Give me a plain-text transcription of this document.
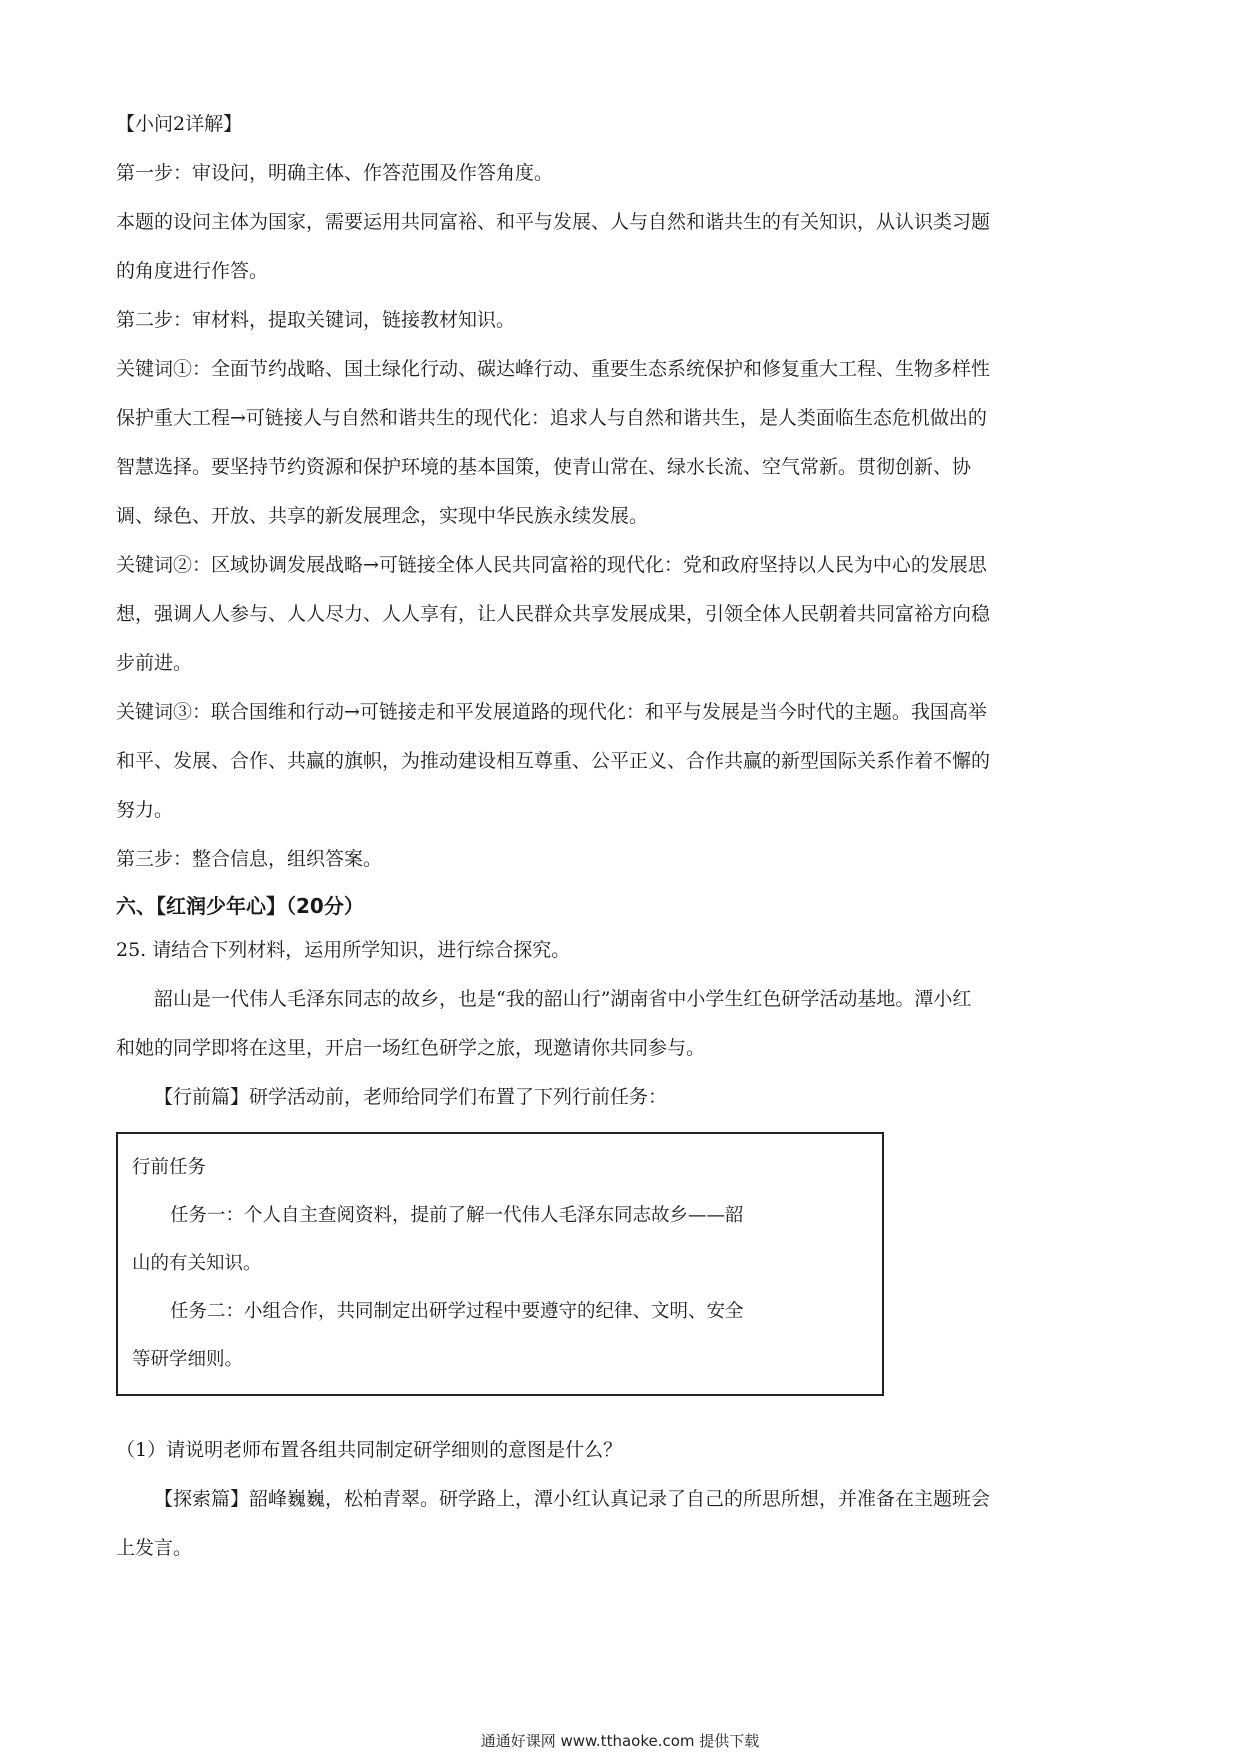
【小问2详解】
第一步：审设问，明确主体、作答范围及作答角度。
本题的设问主体为国家，需要运用共同富裕、和平与发展、人与自然和谐共生的有关知识，从认识类习题
的角度进行作答。
第二步：审材料，提取关键词，链接教材知识。
关键词①：全面节约战略、国土绿化行动、碳达峰行动、重要生态系统保护和修复重大工程、生物多样性
保护重大工程→可链接人与自然和谐共生的现代化：追求人与自然和谐共生，是人类面临生态危机做出的
智慧选择。要坚持节约资源和保护环境的基本国策，使青山常在、绿水长流、空气常新。贯彻创新、协
调、绿色、开放、共享的新发展理念，实现中华民族永续发展。
关键词②：区域协调发展战略→可链接全体人民共同富裕的现代化：党和政府坚持以人民为中心的发展思
想，强调人人参与、人人尽力、人人享有，让人民群众共享发展成果，引领全体人民朝着共同富裕方向稳
步前进。
关键词③：联合国维和行动→可链接走和平发展道路的现代化：和平与发展是当今时代的主题。我国高举
和平、发展、合作、共赢的旗帜，为推动建设相互尊重、公平正义、合作共赢的新型国际关系作着不懈的
努力。
第三步：整合信息，组织答案。
六、【红润少年心】（20分）
25. 请结合下列材料，运用所学知识，进行综合探究。
韶山是一代伟人毛泽东同志的故乡，也是“我的韶山行”湖南省中小学生红色研学活动基地。潭小红
和她的同学即将在这里，开启一场红色研学之旅，现邀请你共同参与。
【行前篇】研学活动前，老师给同学们布置了下列行前任务：
行前任务
任务一：个人自主查阅资料，提前了解一代伟人毛泽东同志故乡——韶
山的有关知识。
任务二：小组合作，共同制定出研学过程中要遵守的纪律、文明、安全
等研学细则。
（1）请说明老师布置各组共同制定研学细则的意图是什么？
【探索篇】韶峰巍巍，松柏青翠。研学路上，潭小红认真记录了自己的所思所想，并准备在主题班会
上发言。
通通好课网 www.tthaoke.com 提供下载
